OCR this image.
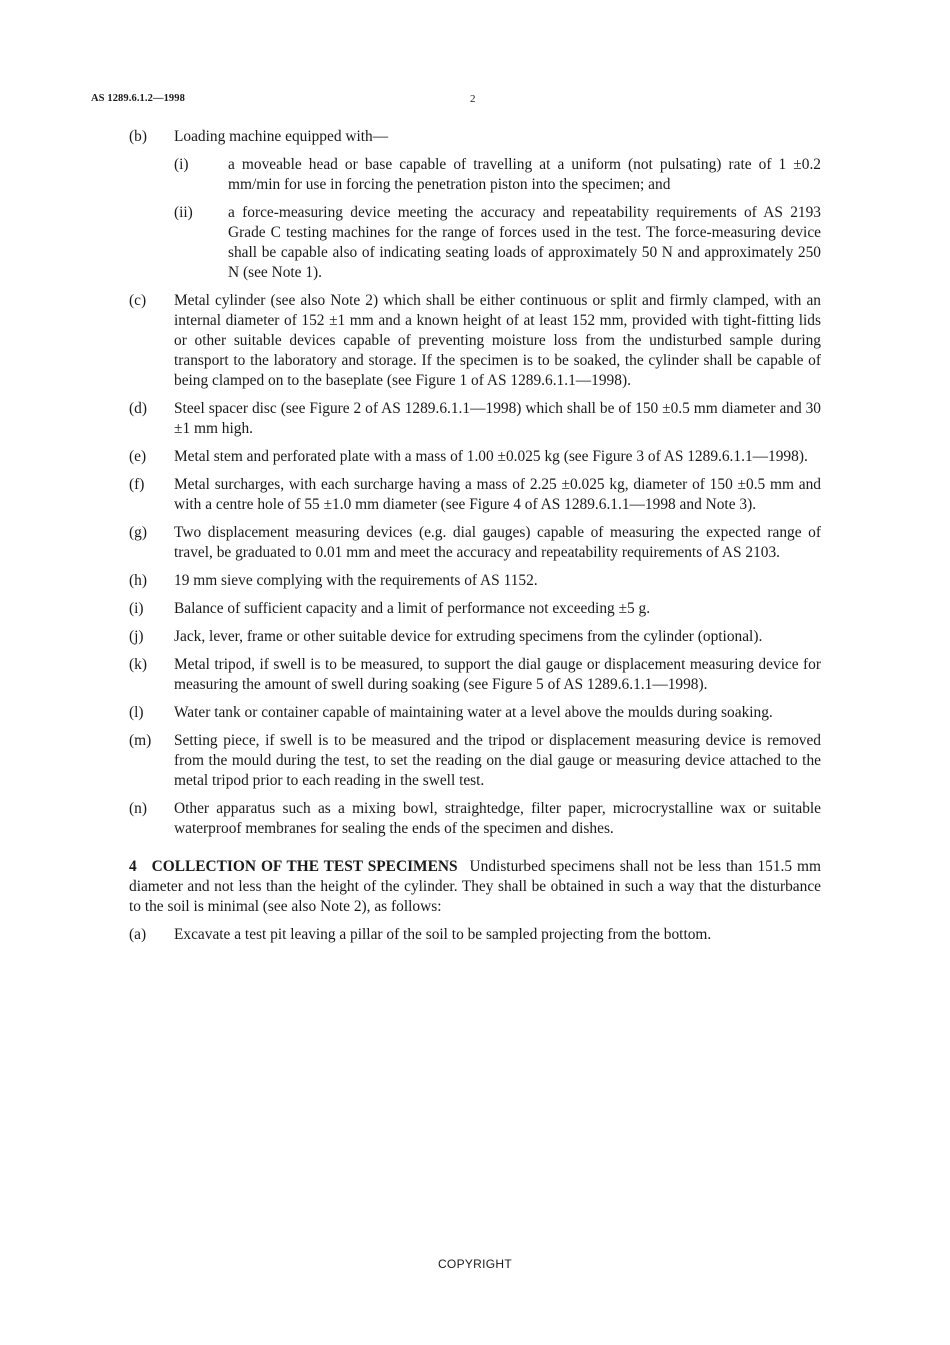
AS 1289.6.1.2—1998	2
(b) Loading machine equipped with—
(i)	a moveable head or base capable of travelling at a uniform (not pulsating) rate of 1 ±0.2 mm/min for use in forcing the penetration piston into the specimen; and
(ii) a force-measuring device meeting the accuracy and repeatability requirements of AS 2193 Grade C testing machines for the range of forces used in the test. The force-measuring device shall be capable also of indicating seating loads of approximately 50 N and approximately 250 N (see Note 1).
(c) Metal cylinder (see also Note 2) which shall be either continuous or split and firmly clamped, with an internal diameter of 152 ±1 mm and a known height of at least 152 mm, provided with tight-fitting lids or other suitable devices capable of preventing moisture loss from the undisturbed sample during transport to the laboratory and storage. If the specimen is to be soaked, the cylinder shall be capable of being clamped on to the baseplate (see Figure 1 of AS 1289.6.1.1—1998).
(d) Steel spacer disc (see Figure 2 of AS 1289.6.1.1—1998) which shall be of 150 ±0.5 mm diameter and 30 ±1 mm high.
(e) Metal stem and perforated plate with a mass of 1.00 ±0.025 kg (see Figure 3 of AS 1289.6.1.1—1998).
(f) Metal surcharges, with each surcharge having a mass of 2.25 ±0.025 kg, diameter of 150 ±0.5 mm and with a centre hole of 55 ±1.0 mm diameter (see Figure 4 of AS 1289.6.1.1—1998 and Note 3).
(g) Two displacement measuring devices (e.g. dial gauges) capable of measuring the expected range of travel, be graduated to 0.01 mm and meet the accuracy and repeatability requirements of AS 2103.
(h) 19 mm sieve complying with the requirements of AS 1152.
(i) Balance of sufficient capacity and a limit of performance not exceeding ±5 g.
(j) Jack, lever, frame or other suitable device for extruding specimens from the cylinder (optional).
(k) Metal tripod, if swell is to be measured, to support the dial gauge or displacement measuring device for measuring the amount of swell during soaking (see Figure 5 of AS 1289.6.1.1—1998).
(l) Water tank or container capable of maintaining water at a level above the moulds during soaking.
(m) Setting piece, if swell is to be measured and the tripod or displacement measuring device is removed from the mould during the test, to set the reading on the dial gauge or measuring device attached to the metal tripod prior to each reading in the swell test.
(n) Other apparatus such as a mixing bowl, straightedge, filter paper, microcrystalline wax or suitable waterproof membranes for sealing the ends of the specimen and dishes.
4   COLLECTION OF THE TEST SPECIMENS Undisturbed specimens shall not be less than 151.5 mm diameter and not less than the height of the cylinder. They shall be obtained in such a way that the disturbance to the soil is minimal (see also Note 2), as follows:
(a) Excavate a test pit leaving a pillar of the soil to be sampled projecting from the bottom.
COPYRIGHT
